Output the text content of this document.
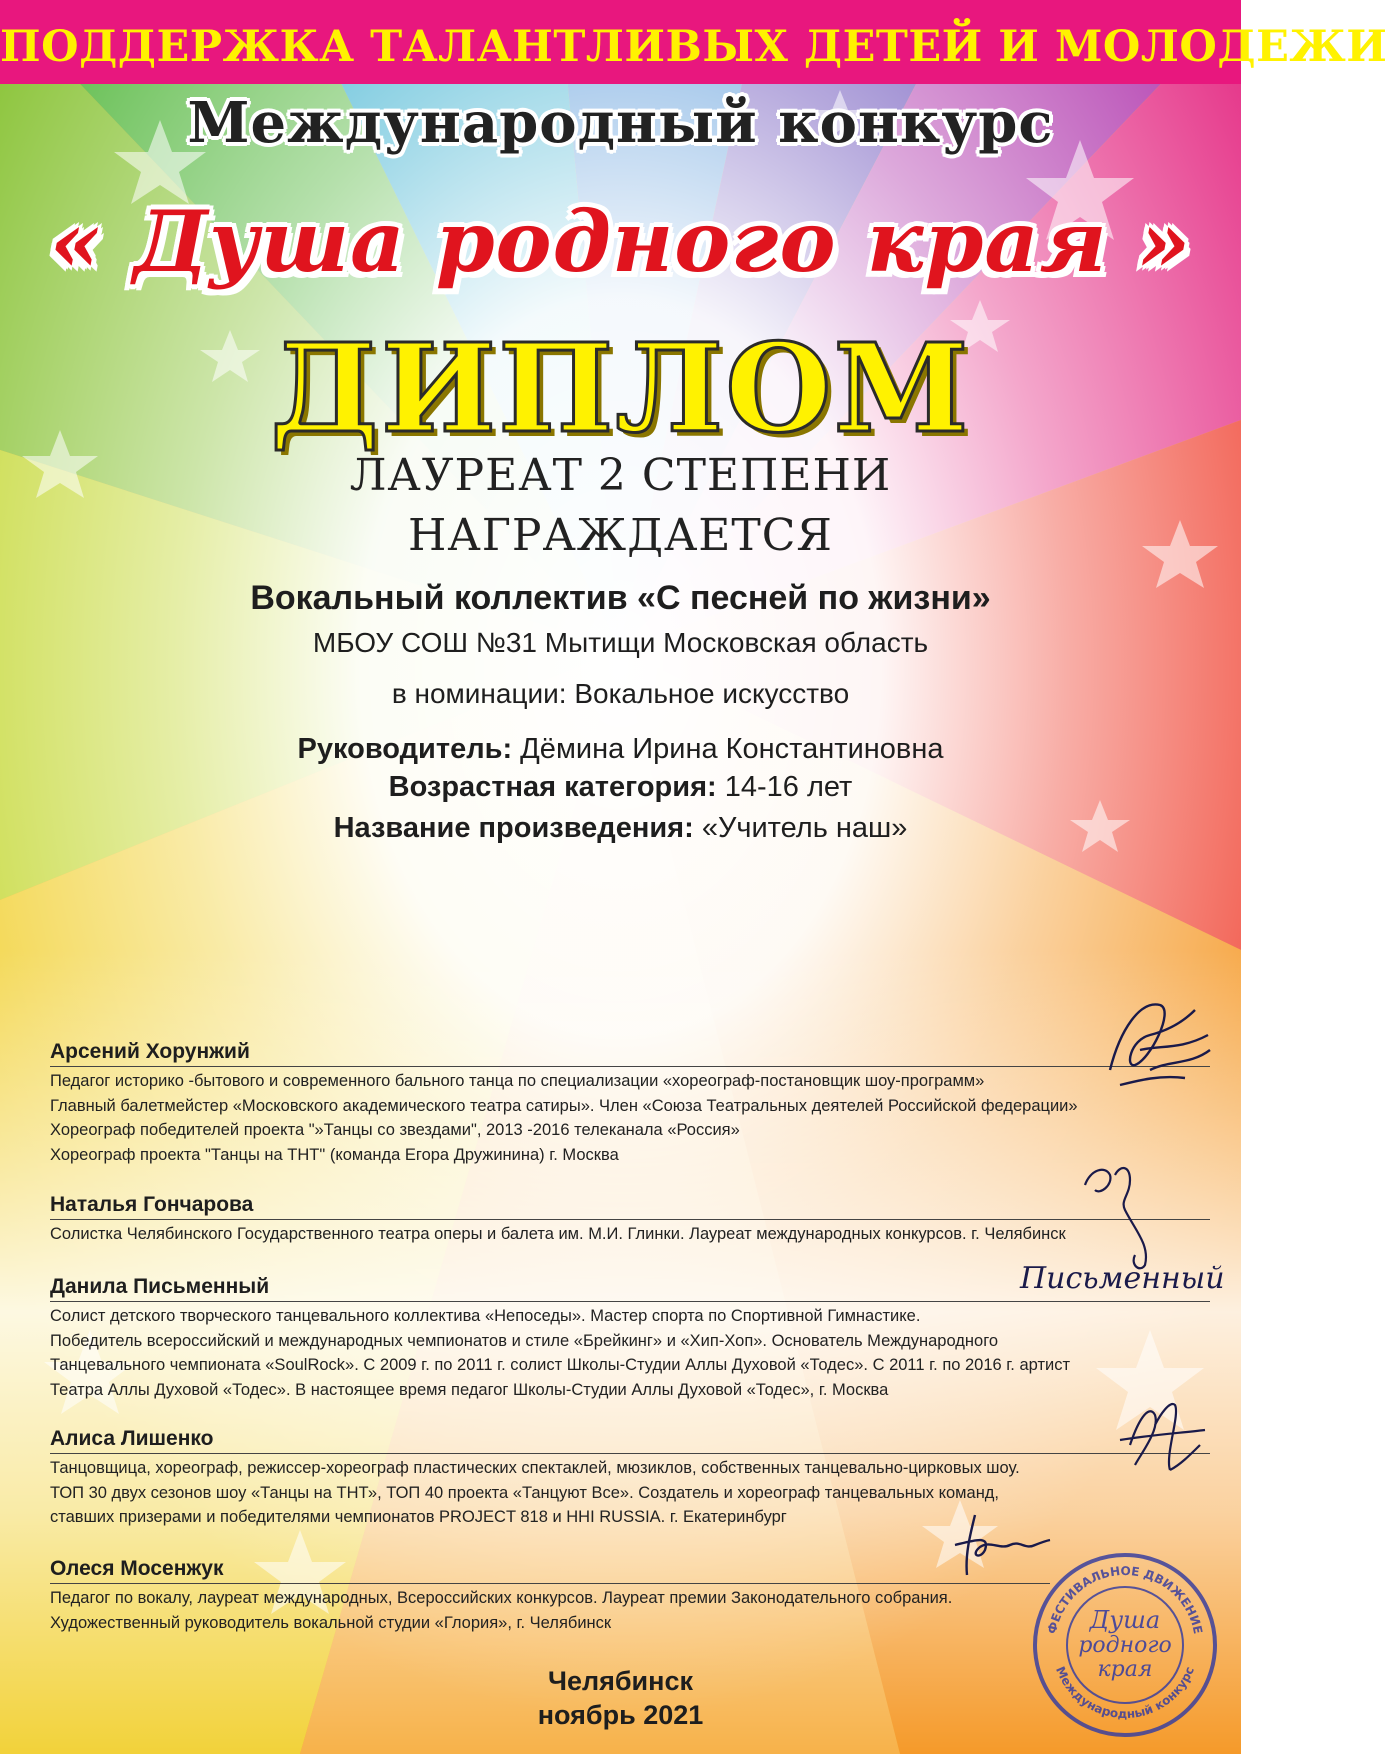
ПОДДЕРЖКА ТАЛАНТЛИВЫХ ДЕТЕЙ И МОЛОДЕЖИ
Международный конкурс
« Душа родного края »
ДИПЛОМ
ЛАУРЕАТ 2 СТЕПЕНИ
НАГРАЖДАЕТСЯ
Вокальный коллектив «С песней по жизни»
МБОУ СОШ №31 Мытищи Московская область
в номинации: Вокальное искусство
Руководитель: Дёмина Ирина Константиновна
Возрастная категория: 14-16 лет
Название произведения: «Учитель наш»
Арсений Хорунжий
Педагог историко -бытового и современного бального танца по специализации «хореограф-постановщик шоу-программ»
Главный балетмейстер «Московского академического театра сатиры». Член «Союза Театральных деятелей Российской федерации»
Хореограф победителей проекта "»Танцы со звездами", 2013 -2016 телеканала «Россия»
Хореограф проекта "Танцы на ТНТ" (команда Егора Дружинина) г. Москва
Наталья Гончарова
Солистка Челябинского Государственного театра оперы и балета им. М.И. Глинки. Лауреат международных конкурсов. г. Челябинск
Данила Письменный
Солист детского творческого танцевального коллектива «Непоседы». Мастер спорта по Спортивной Гимнастике.
Победитель всероссийский и международных чемпионатов и стиле «Брейкинг» и «Хип-Хоп». Основатель Международного
Танцевального чемпионата «SoulRock». С 2009 г. по 2011 г. солист Школы-Студии Аллы Духовой «Тодес». С 2011 г. по 2016 г. артист
Театра Аллы Духовой «Тодес». В настоящее время педагог Школы-Студии Аллы Духовой «Тодес», г. Москва
Алиса Лишенко
Танцовщица, хореограф, режиссер-хореограф пластических спектаклей, мюзиклов, собственных танцевально-цирковых шоу.
ТОП 30 двух сезонов шоу «Танцы на ТНТ», ТОП 40 проекта «Танцуют Все». Создатель и хореограф танцевальных команд,
ставших призерами и победителями чемпионатов PROJECT 818 и HHI RUSSIA. г. Екатеринбург
Олеся Мосенжук
Педагог по вокалу, лауреат международных, Всероссийских конкурсов. Лауреат премии Законодательного собрания.
Художественный руководитель вокальной студии «Глория», г. Челябинск
Письменный
ФЕСТИВАЛЬНОЕ ДВИЖЕНИЕ
Международный конкурс
Душа
родного
края
Челябинск
ноябрь 2021
